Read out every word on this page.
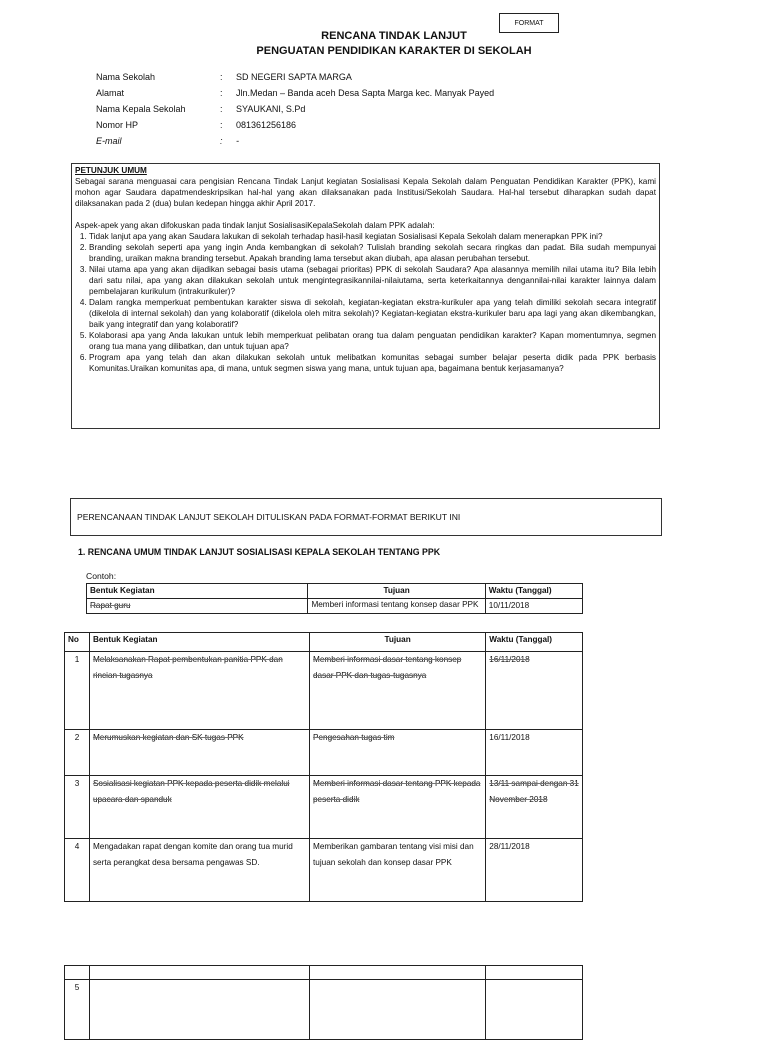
FORMAT
RENCANA TINDAK LANJUT
PENGUATAN PENDIDIKAN KARAKTER DI SEKOLAH
Nama Sekolah	: SD NEGERI SAPTA MARGA
Alamat	: Jln.Medan – Banda aceh Desa Sapta Marga kec. Manyak Payed
Nama Kepala Sekolah	: SYAUKANI, S.Pd
Nomor HP	: 081361256186
E-mail	: -
PETUNJUK UMUM

Sebagai sarana menguasai cara pengisian Rencana Tindak Lanjut kegiatan Sosialisasi Kepala Sekolah dalam Penguatan Pendidikan Karakter (PPK), kami mohon agar Saudara dapatmendeskripsikan hal-hal yang akan dilaksanakan pada Institusi/Sekolah Saudara. Hal-hal tersebut diharapkan sudah dapat dilaksanakan pada 2 (dua) bulan kedepan hingga akhir April 2017.

Aspek-apek yang akan difokuskan pada tindak lanjut SosialisasiKepalaSekolah dalam PPK adalah:

1. Tidak lanjut apa yang akan Saudara lakukan di sekolah terhadap hasil-hasil kegiatan Sosialisasi Kepala Sekolah dalam menerapkan PPK ini?
2. Branding sekolah seperti apa yang ingin Anda kembangkan di sekolah? Tulislah branding sekolah secara ringkas dan padat. Bila sudah mempunyai branding, uraikan makna branding tersebut. Apakah branding lama tersebut akan diubah, apa alasan perubahan tersebut.
3. Nilai utama apa yang akan dijadikan sebagai basis utama (sebagai prioritas) PPK di sekolah Saudara? Apa alasannya memilih nilai utama itu? Bila lebih dari satu nilai, apa yang akan dilakukan sekolah untuk mengintegrasikannilai-nilaiutama, serta keterkaitannya dengannilai-nilai karakter lainnya dalam pembelajaran kurikulum (intrakurikuler)?
4. Dalam rangka memperkuat pembentukan karakter siswa di sekolah, kegiatan-kegiatan ekstra-kurikuler apa yang telah dimiliki sekolah secara integratif (dikelola di internal sekolah) dan yang kolaboratif (dikelola oleh mitra sekolah)? Kegiatan-kegiatan ekstra-kurikuler baru apa lagi yang akan dikembangkan, baik yang integratif dan yang kolaboratif?
5. Kolaborasi apa yang Anda lakukan untuk lebih memperkuat pelibatan orang tua dalam penguatan pendidikan karakter? Kapan momentumnya, segmen orang tua mana yang dilibatkan, dan untuk tujuan apa?
6. Program apa yang telah dan akan dilakukan sekolah untuk melibatkan komunitas sebagai sumber belajar peserta didik pada PPK berbasis Komunitas.Uraikan komunitas apa, di mana, untuk segmen siswa yang mana, untuk tujuan apa, bagaimana bentuk kerjasamanya?
PERENCANAAN TINDAK LANJUT SEKOLAH DITULISKAN PADA FORMAT-FORMAT BERIKUT INI
1. RENCANA UMUM TINDAK LANJUT SOSIALISASI KEPALA SEKOLAH TENTANG PPK
Contoh:
Bentuk Kegiatan	Tujuan	Waktu (Tanggal)
Rapat guru	Memberi informasi tentang konsep dasar PPK	10/11/2018
No	Bentuk Kegiatan	Tujuan	Waktu (Tanggal)
1	Melaksanakan Rapat pembentukan panitia PPK dan rincian tugasnya	Memberi informasi dasar tentang konsep dasar PPK dan tugas-tugasnya	16/11/2018
2	Merumuskan kegiatan dan SK tugas PPK	Pengesahan tugas tim	16/11/2018
3	Sosialisasi kegiatan PPK kepada peserta didik melalui upacara dan spanduk	Memberi informasi dasar tentang PPK kepada peserta didik	13/11 sampai dengan 31 November 2018
4	Mengadakan rapat dengan komite dan orang tua murid serta perangkat desa bersama pengawas SD.	Memberikan gambaran tentang visi misi dan tujuan sekolah dan konsep dasar PPK	28/11/2018

5			
